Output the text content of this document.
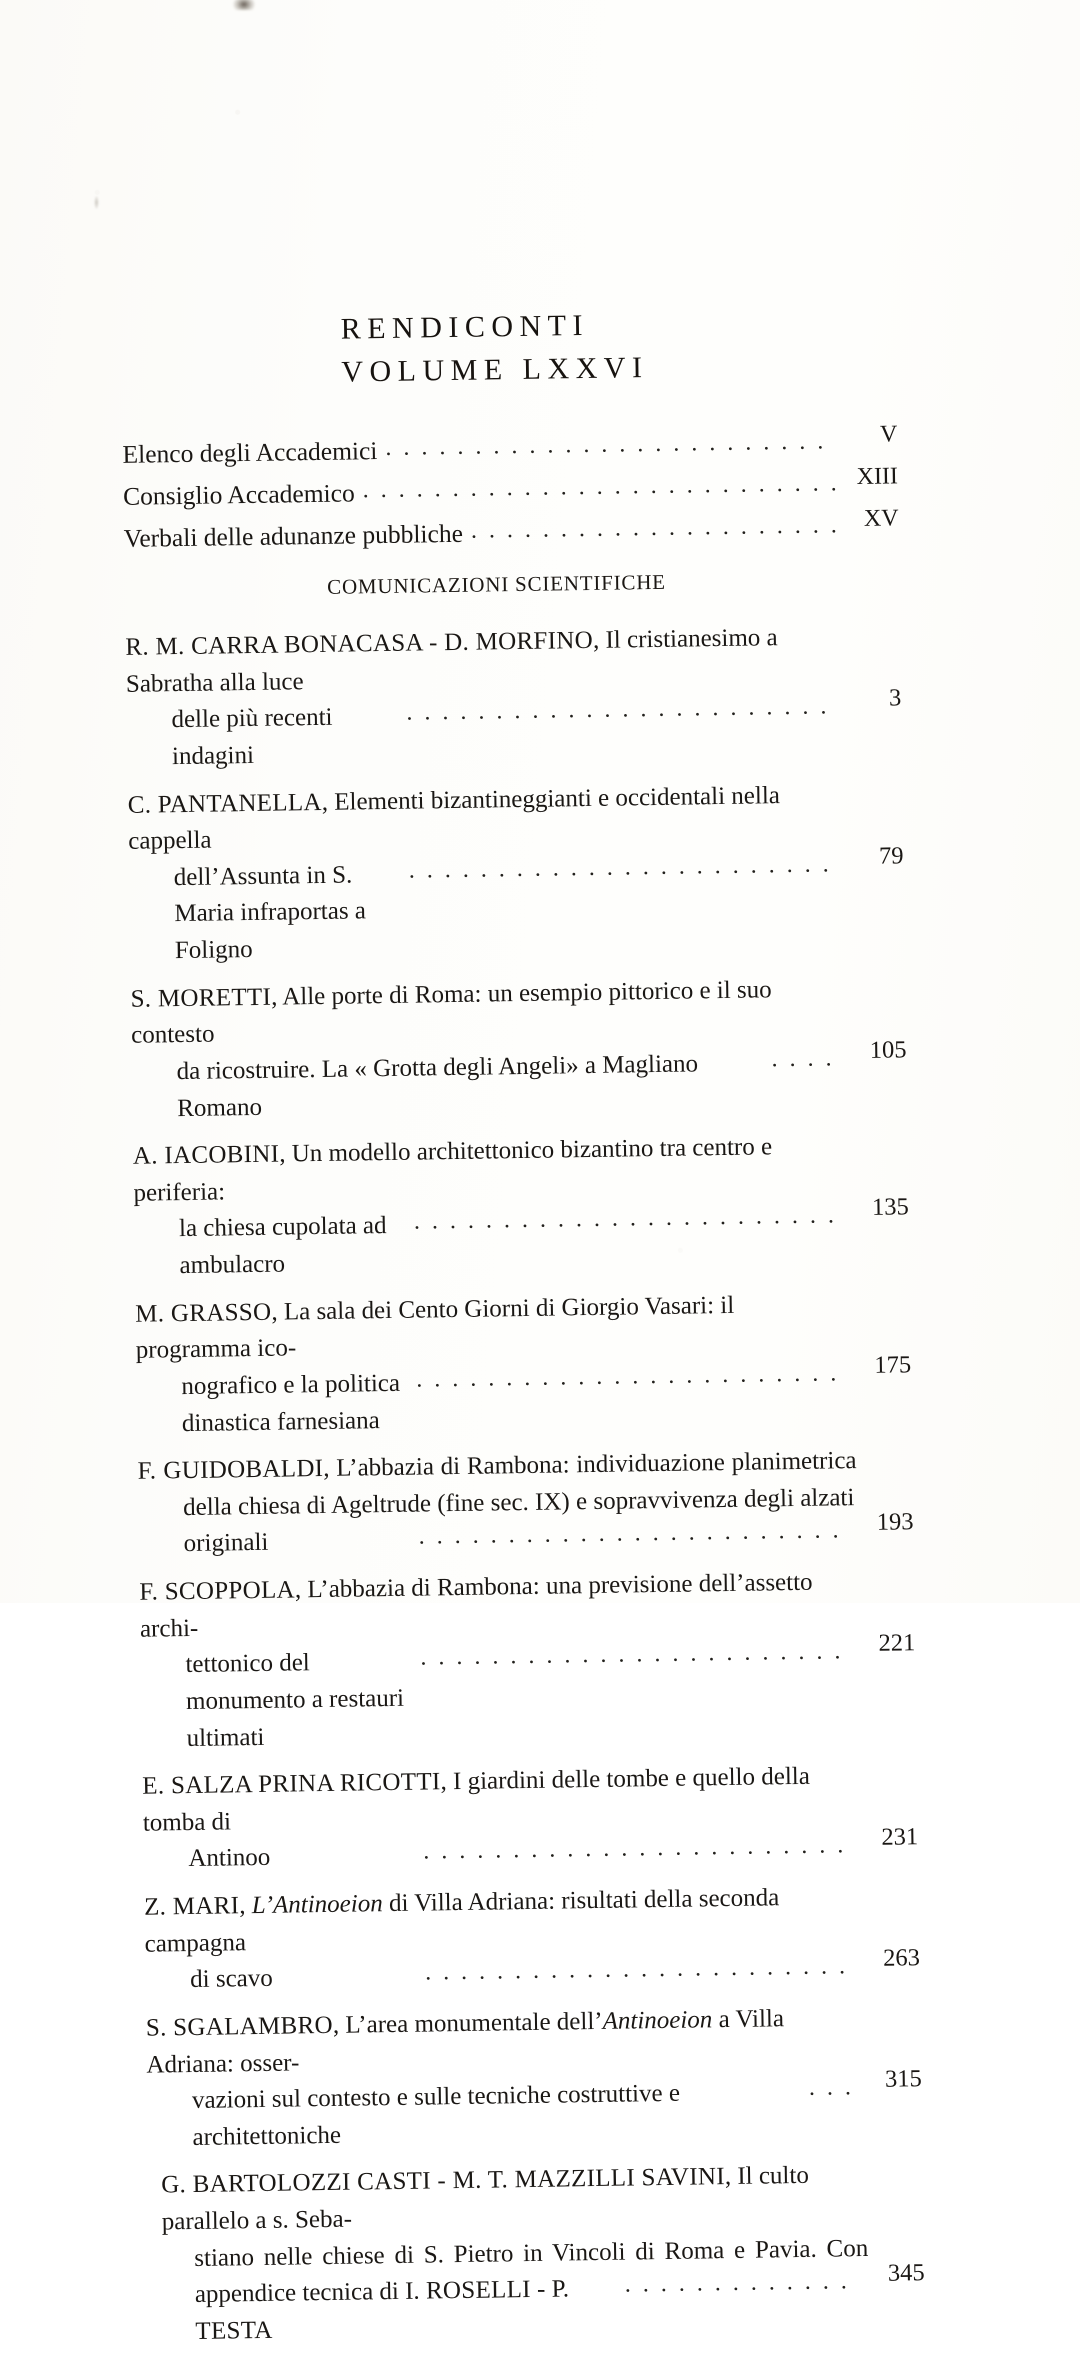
RENDICONTI
VOLUME LXXVI
Elenco degli Accademici
. . .
V
Consiglio Accademico
. . .
XIII
Verbali delle adunanze pubbliche
. . .
XV
COMUNICAZIONI SCIENTIFICHE
R. M. CARRA BONACASA - D. MORFINO, Il cristianesimo a Sabratha alla luce
delle più recenti indagini
. . .
3
C. PANTANELLA, Elementi bizantineggianti e occidentali nella cappella
dell’Assunta in S. Maria infraportas a Foligno
. . .
79
S. MORETTI, Alle porte di Roma: un esempio pittorico e il suo contesto
da ricostruire. La « Grotta degli Angeli» a Magliano Romano
. . .
105
A. IACOBINI, Un modello architettonico bizantino tra centro e periferia:
la chiesa cupolata ad ambulacro
. . .
135
M. GRASSO, La sala dei Cento Giorni di Giorgio Vasari: il programma ico-
nografico e la politica dinastica farnesiana
. . .
175
F. GUIDOBALDI, L’abbazia di Rambona: individuazione planimetrica
della chiesa di Ageltrude (fine sec. IX) e sopravvivenza degli alzati
originali
. . .
193
F. SCOPPOLA, L’abbazia di Rambona: una previsione dell’assetto archi-
tettonico del monumento a restauri ultimati
. . .
221
E. SALZA PRINA RICOTTI, I giardini delle tombe e quello della tomba di
Antinoo
. . .
231
Z. MARI, L’Antinoeion di Villa Adriana: risultati della seconda campagna
di scavo
. . .
263
S. SGALAMBRO, L’area monumentale dell’Antinoeion a Villa Adriana: osser-
vazioni sul contesto e sulle tecniche costruttive e architettoniche
. . .
315
G. BARTOLOZZI CASTI - M. T. MAZZILLI SAVINI, Il culto parallelo a s. Seba-
stiano nelle chiese di S. Pietro in Vincoli di Roma e Pavia. Con
appendice tecnica di I. ROSELLI - P. TESTA
. . .
345
